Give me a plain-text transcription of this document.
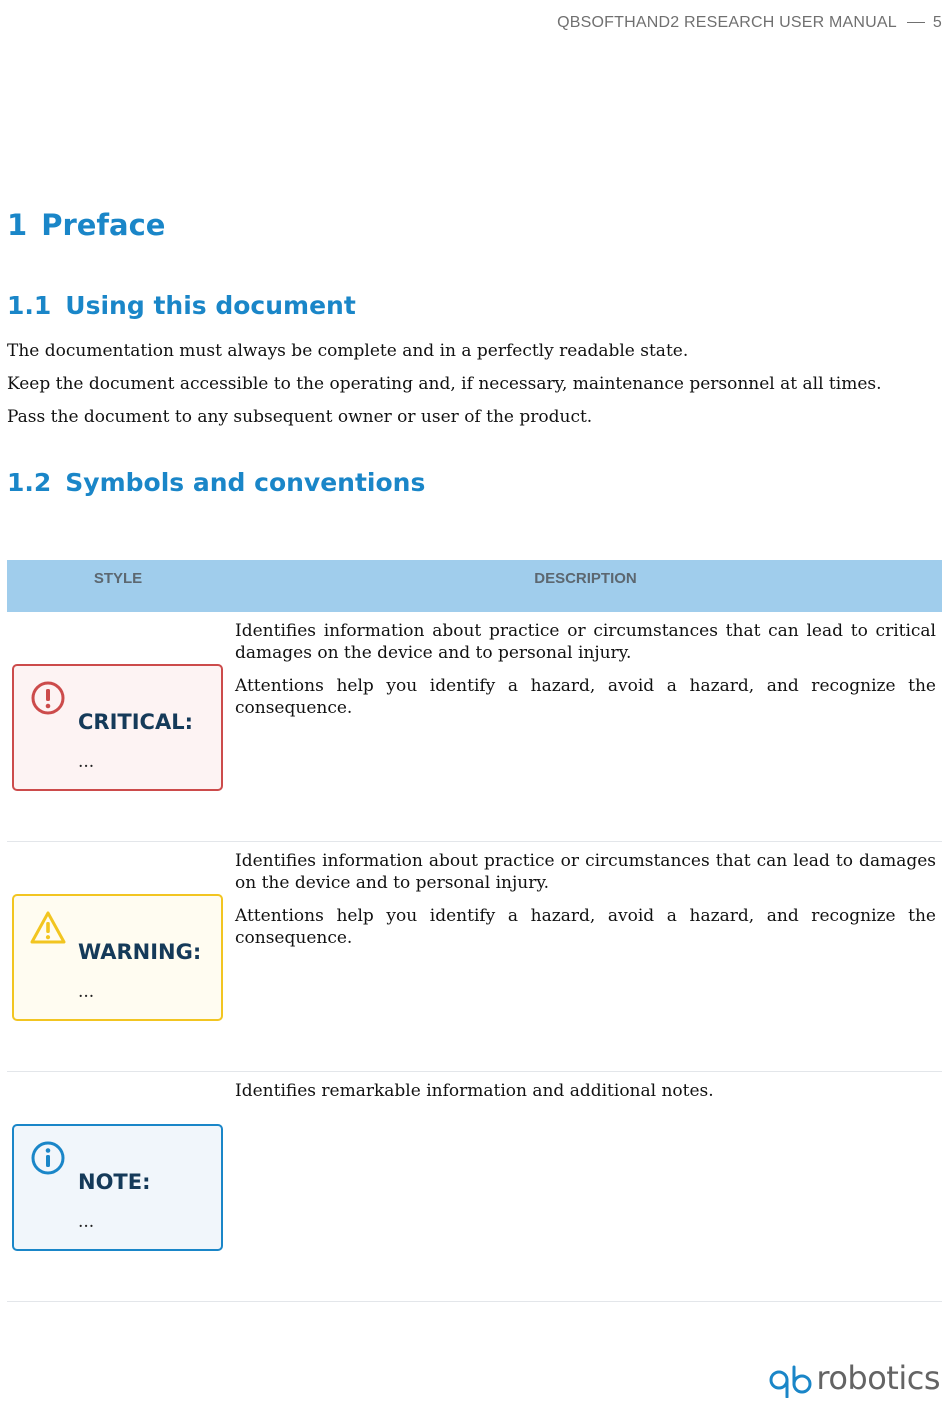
QBSOFTHAND2 RESEARCH USER MANUAL 5
1 Preface
1.1 Using this document
The documentation must always be complete and in a perfectly readable state.
Keep the document accessible to the operating and, if necessary, maintenance personnel at all times.
Pass the document to any subsequent owner or user of the product.
1.2 Symbols and conventions
STYLE	DESCRIPTION
CRITICAL:
...

Identifies information about practice or circumstances that can lead to critical damages on the device and to personal injury.

Attentions help you identify a hazard, avoid a hazard, and recognize the consequence.

WARNING:
...

Identifies information about practice or circumstances that can lead to damages on the device and to personal injury.

Attentions help you identify a hazard, avoid a hazard, and recognize the consequence.

NOTE:
...

Identifies remarkable information and additional notes.

robotics
